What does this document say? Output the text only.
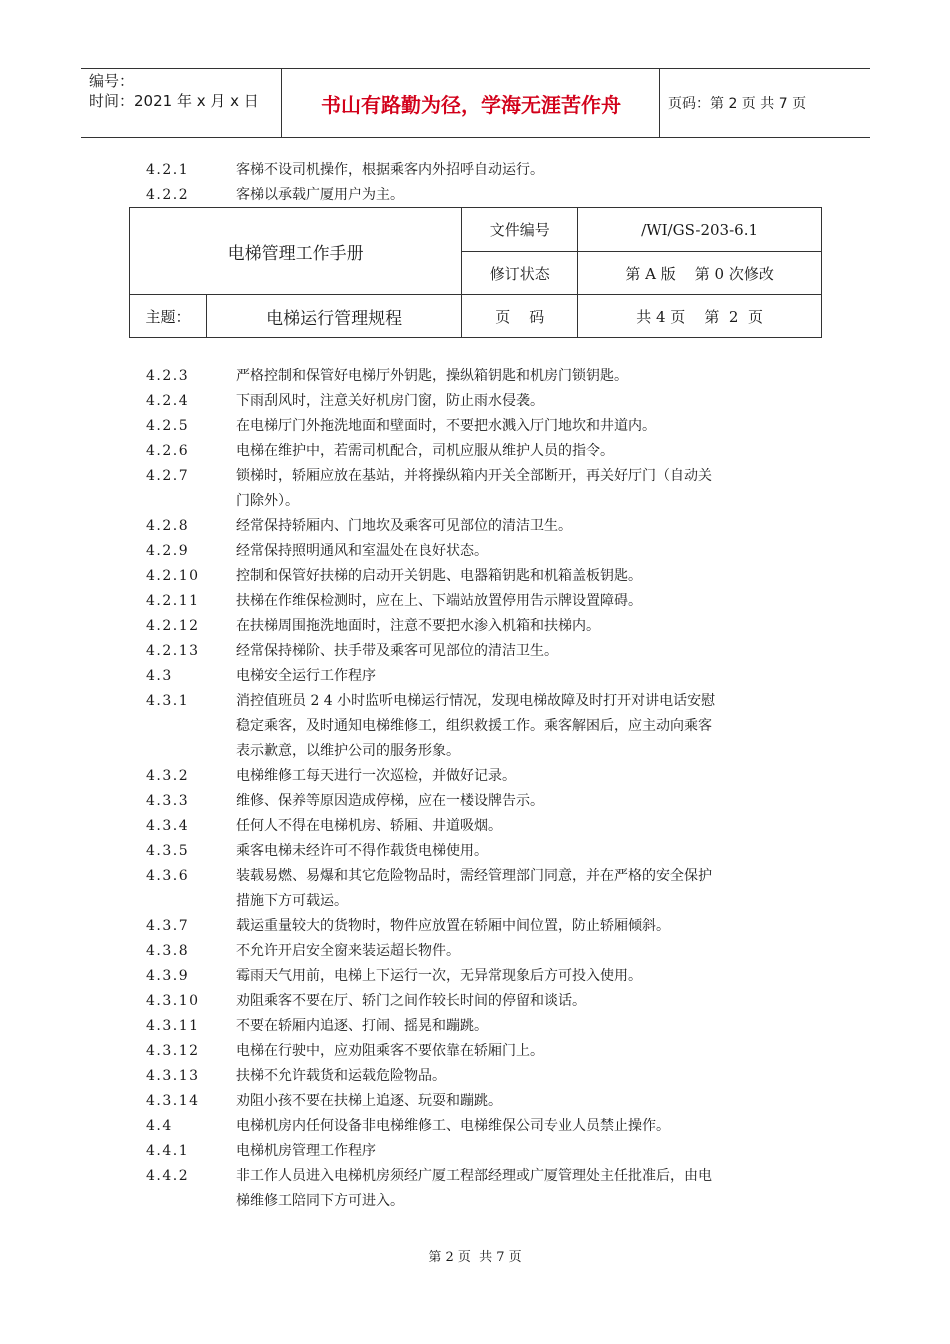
编号：
时间：2021 年 x 月 x 日	书山有路勤为径，学海无涯苦作舟	页码：第 2 页 共 7 页
4.2.1	客梯不设司机操作，根据乘客内外招呼自动运行。
4.2.2	客梯以承载广厦用户为主。
电梯管理工作手册		文件编号	/WI/GS-203-6.1
		修订状态	第 A 版    第 0 次修改
主题：	电梯运行管理规程	页    码	共 4 页    第  2  页
4.2.3	严格控制和保管好电梯厅外钥匙，操纵箱钥匙和机房门锁钥匙。
4.2.4	下雨刮风时，注意关好机房门窗，防止雨水侵袭。
4.2.5	在电梯厅门外拖洗地面和壁面时，不要把水溅入厅门地坎和井道内。
4.2.6	电梯在维护中，若需司机配合，司机应服从维护人员的指令。
4.2.7	锁梯时，轿厢应放在基站，并将操纵箱内开关全部断开，再关好厅门（自动关
门除外）。
4.2.8	经常保持轿厢内、门地坎及乘客可见部位的清洁卫生。
4.2.9	经常保持照明通风和室温处在良好状态。
4.2.10	控制和保管好扶梯的启动开关钥匙、电器箱钥匙和机箱盖板钥匙。
4.2.11	扶梯在作维保检测时，应在上、下端站放置停用告示牌设置障碍。
4.2.12	在扶梯周围拖洗地面时，注意不要把水渗入机箱和扶梯内。
4.2.13	经常保持梯阶、扶手带及乘客可见部位的清洁卫生。
4.3	电梯安全运行工作程序
4.3.1	消控值班员 2 4 小时监听电梯运行情况，发现电梯故障及时打开对讲电话安慰
稳定乘客，及时通知电梯维修工，组织救援工作。乘客解困后，应主动向乘客
表示歉意，以维护公司的服务形象。
4.3.2	电梯维修工每天进行一次巡检，并做好记录。
4.3.3	维修、保养等原因造成停梯，应在一楼设牌告示。
4.3.4	任何人不得在电梯机房、轿厢、井道吸烟。
4.3.5	乘客电梯未经许可不得作载货电梯使用。
4.3.6	装载易燃、易爆和其它危险物品时，需经管理部门同意，并在严格的安全保护
措施下方可载运。
4.3.7	载运重量较大的货物时，物件应放置在轿厢中间位置，防止轿厢倾斜。
4.3.8	不允许开启安全窗来装运超长物件。
4.3.9	霉雨天气用前，电梯上下运行一次，无异常现象后方可投入使用。
4.3.10	劝阻乘客不要在厅、轿门之间作较长时间的停留和谈话。
4.3.11	不要在轿厢内追逐、打闹、摇晃和蹦跳。
4.3.12	电梯在行驶中，应劝阻乘客不要依靠在轿厢门上。
4.3.13	扶梯不允许载货和运载危险物品。
4.3.14	劝阻小孩不要在扶梯上追逐、玩耍和蹦跳。
4.4	电梯机房内任何设备非电梯维修工、电梯维保公司专业人员禁止操作。
4.4.1	电梯机房管理工作程序
4.4.2	非工作人员进入电梯机房须经广厦工程部经理或广厦管理处主任批准后，由电
梯维修工陪同下方可进入。
第 2 页  共 7 页
